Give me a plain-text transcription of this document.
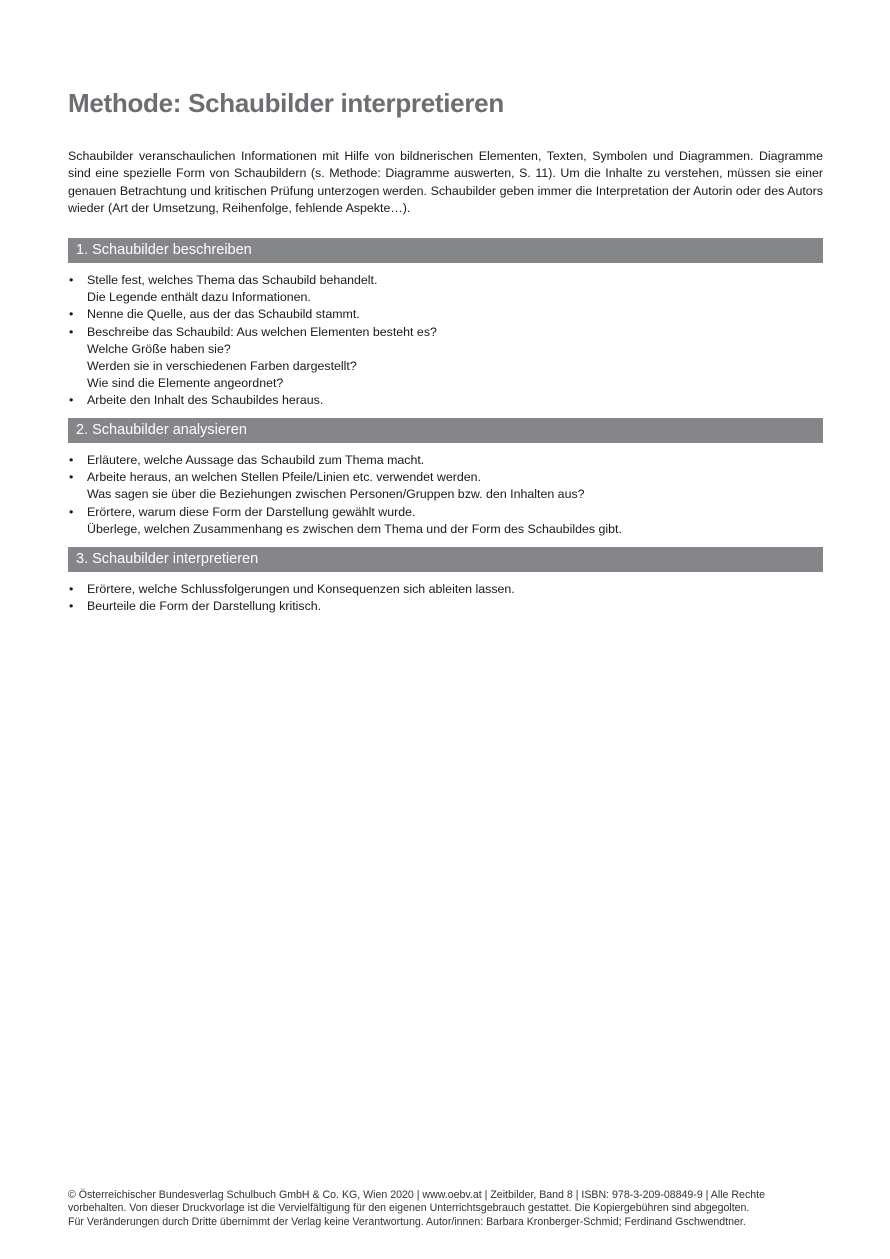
Methode: Schaubilder interpretieren

Schaubilder veranschaulichen Informationen mit Hilfe von bildnerischen Elementen, Texten, Symbolen und Diagrammen. Diagramme sind eine spezielle Form von Schaubildern (s. Methode: Diagramme auswerten, S. 11). Um die Inhalte zu verstehen, müssen sie einer genauen Betrachtung und kritischen Prüfung unterzogen werden. Schaubilder geben immer die Interpretation der Autorin oder des Autors wieder (Art der Umsetzung, Reihenfolge, fehlende Aspekte…).

1. Schaubilder beschreiben
• Stelle fest, welches Thema das Schaubild behandelt.
Die Legende enthält dazu Informationen.
• Nenne die Quelle, aus der das Schaubild stammt.
• Beschreibe das Schaubild: Aus welchen Elementen besteht es?
Welche Größe haben sie?
Werden sie in verschiedenen Farben dargestellt?
Wie sind die Elemente angeordnet?
• Arbeite den Inhalt des Schaubildes heraus.
2. Schaubilder analysieren
• Erläutere, welche Aussage das Schaubild zum Thema macht.
• Arbeite heraus, an welchen Stellen Pfeile/Linien etc. verwendet werden.
Was sagen sie über die Beziehungen zwischen Personen/Gruppen bzw. den Inhalten aus?
• Erörtere, warum diese Form der Darstellung gewählt wurde.
Überlege, welchen Zusammenhang es zwischen dem Thema und der Form des Schaubildes gibt.
3. Schaubilder interpretieren
• Erörtere, welche Schlussfolgerungen und Konsequenzen sich ableiten lassen.
• Beurteile die Form der Darstellung kritisch.
© Österreichischer Bundesverlag Schulbuch GmbH & Co. KG, Wien 2020 | www.oebv.at | Zeitbilder, Band 8 | ISBN: 978-3-209-08849-9 | Alle Rechte
vorbehalten. Von dieser Druckvorlage ist die Vervielfältigung für den eigenen Unterrichtsgebrauch gestattet. Die Kopiergebühren sind abgegolten.
Für Veränderungen durch Dritte übernimmt der Verlag keine Verantwortung. Autor/innen: Barbara Kronberger-Schmid; Ferdinand Gschwendtner.
